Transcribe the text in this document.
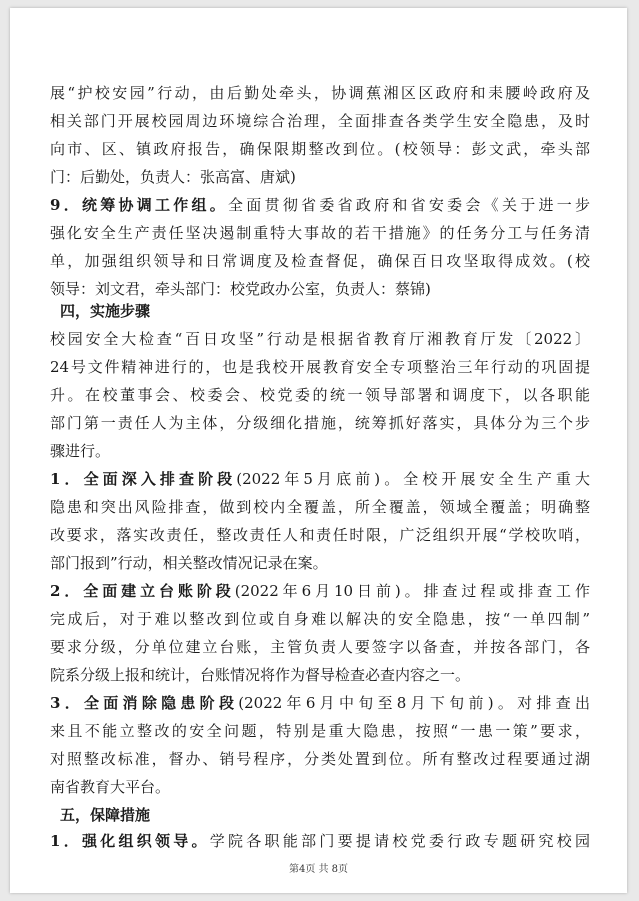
展“护校安园”行动，由后勤处牵头，协调蕉湘区区政府和耒腰岭政府及
相关部门开展校园周边环境综合治理，全面排查各类学生安全隐患，及时
向市、区、镇政府报告，确保限期整改到位。(校领导：彭文武，牵头部
门：后勤处，负责人：张高富、唐斌)
9．统筹协调工作组。全面贯彻省委省政府和省安委会《关于进一步
强化安全生产责任坚决遏制重特大事故的若干措施》的任务分工与任务清
单，加强组织领导和日常调度及检查督促，确保百日攻坚取得成效。(校
领导：刘文君，牵头部门：校党政办公室，负责人：蔡锦)
四，实施步骤
校园安全大检查“百日攻坚”行动是根据省教育厅湘教育厅发〔2022〕
24号文件精神进行的，也是我校开展教育安全专项整治三年行动的巩固提
升。在校董事会、校委会、校党委的统一领导部署和调度下，以各职能
部门第一责任人为主体，分级细化措施，统筹抓好落实，具体分为三个步
骤进行。
1．全面深入排查阶段(2022年5月底前)。全校开展安全生产重大
隐患和突出风险排查，做到校内全覆盖，所全覆盖，领域全覆盖；明确整
改要求，落实改责任，整改责任人和责任时限，广泛组织开展“学校吹哨，
部门报到”行动，相关整改情况记录在案。
2．全面建立台账阶段(2022年6月10日前)。排查过程或排查工作
完成后，对于难以整改到位或自身难以解决的安全隐患，按“一单四制”
要求分级，分单位建立台账，主管负责人要签字以备查，并按各部门，各
院系分级上报和统计，台账情况将作为督导检查必查内容之一。
3．全面消除隐患阶段(2022年6月中旬至8月下旬前)。对排查出
来且不能立整改的安全问题，特别是重大隐患，按照“一患一策”要求，
对照整改标准，督办、销号程序，分类处置到位。所有整改过程要通过湖
南省教育大平台。
五，保障措施
第4页 共 8页
1．强化组织领导。学院各职能部门要提请校党委行政专题研究校园
